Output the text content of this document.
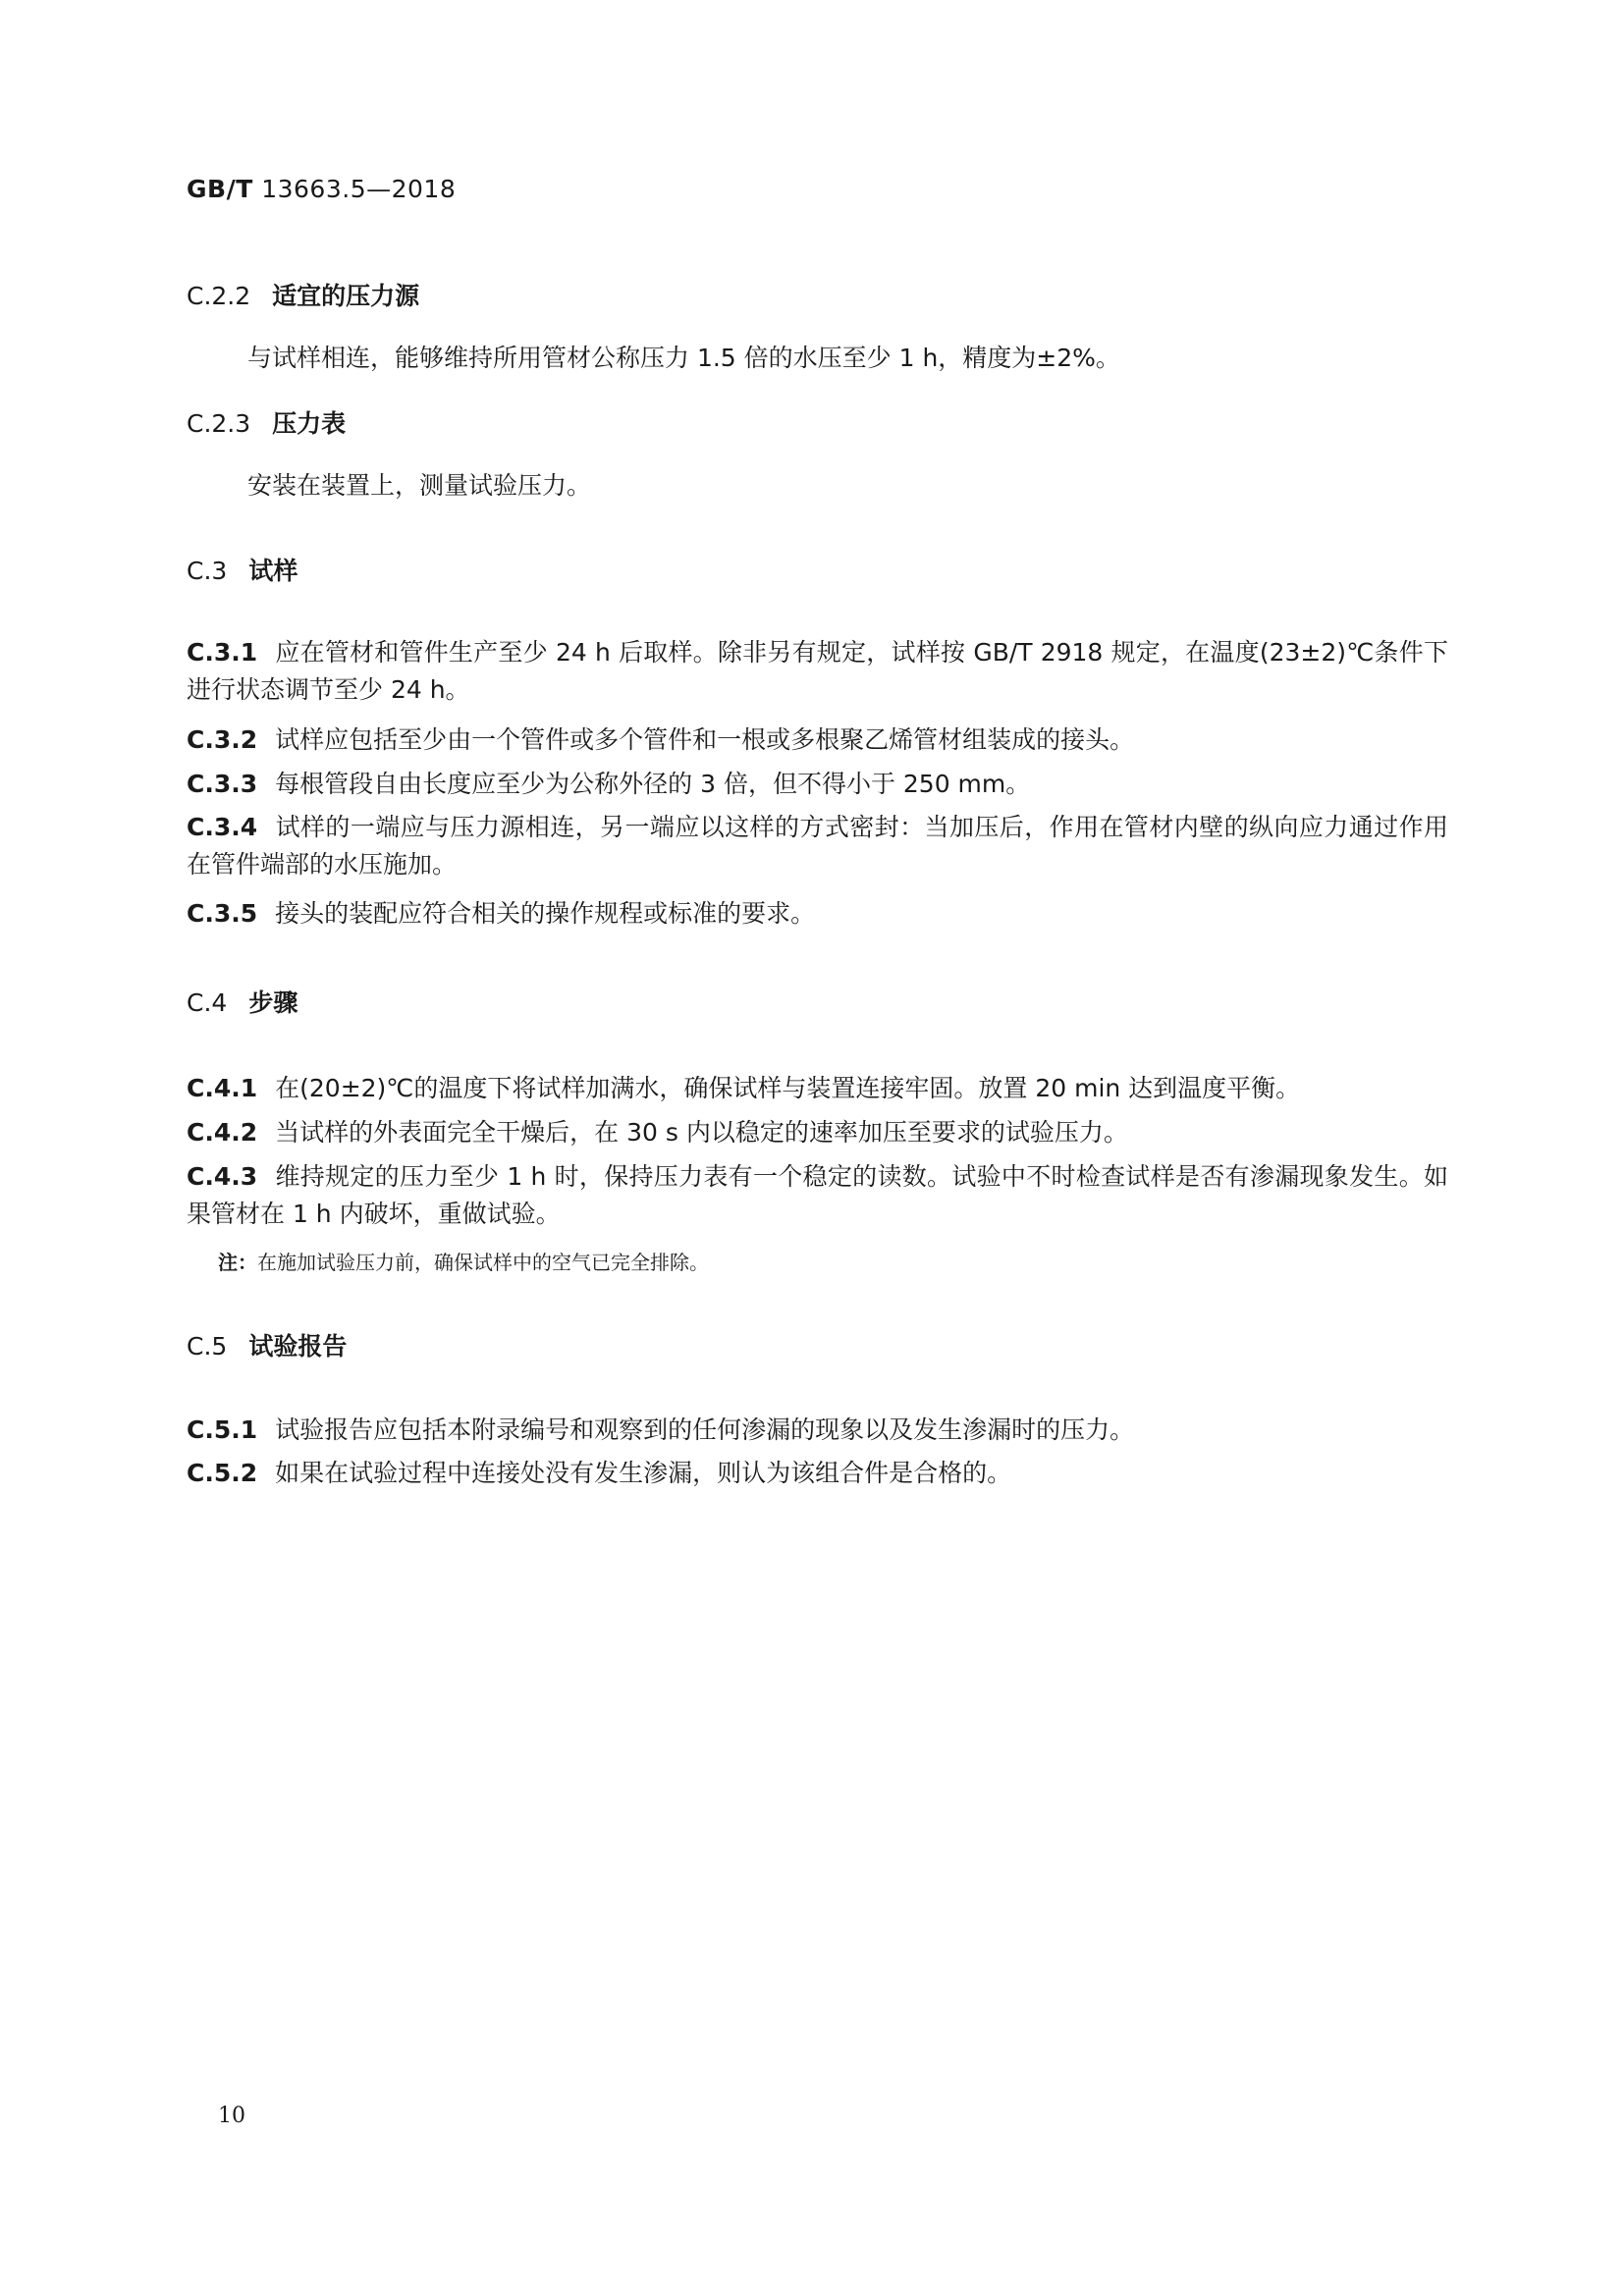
GB/T 13663.5—2018
C.2.2 适宜的压力源
与试样相连，能够维持所用管材公称压力 1.5 倍的水压至少 1 h，精度为±2%。
C.2.3 压力表
安装在装置上，测量试验压力。
C.3 试样
C.3.1 应在管材和管件生产至少 24 h 后取样。除非另有规定，试样按 GB/T 2918 规定，在温度(23±2)℃条件下进行状态调节至少 24 h。
C.3.2 试样应包括至少由一个管件或多个管件和一根或多根聚乙烯管材组装成的接头。
C.3.3 每根管段自由长度应至少为公称外径的 3 倍，但不得小于 250 mm。
C.3.4 试样的一端应与压力源相连，另一端应以这样的方式密封：当加压后，作用在管材内壁的纵向应力通过作用在管件端部的水压施加。
C.3.5 接头的装配应符合相关的操作规程或标准的要求。
C.4 步骤
C.4.1 在(20±2)℃的温度下将试样加满水，确保试样与装置连接牢固。放置 20 min 达到温度平衡。
C.4.2 当试样的外表面完全干燥后，在 30 s 内以稳定的速率加压至要求的试验压力。
C.4.3 维持规定的压力至少 1 h 时，保持压力表有一个稳定的读数。试验中不时检查试样是否有渗漏现象发生。如果管材在 1 h 内破坏，重做试验。
注：在施加试验压力前，确保试样中的空气已完全排除。
C.5 试验报告
C.5.1 试验报告应包括本附录编号和观察到的任何渗漏的现象以及发生渗漏时的压力。
C.5.2 如果在试验过程中连接处没有发生渗漏，则认为该组合件是合格的。
10
